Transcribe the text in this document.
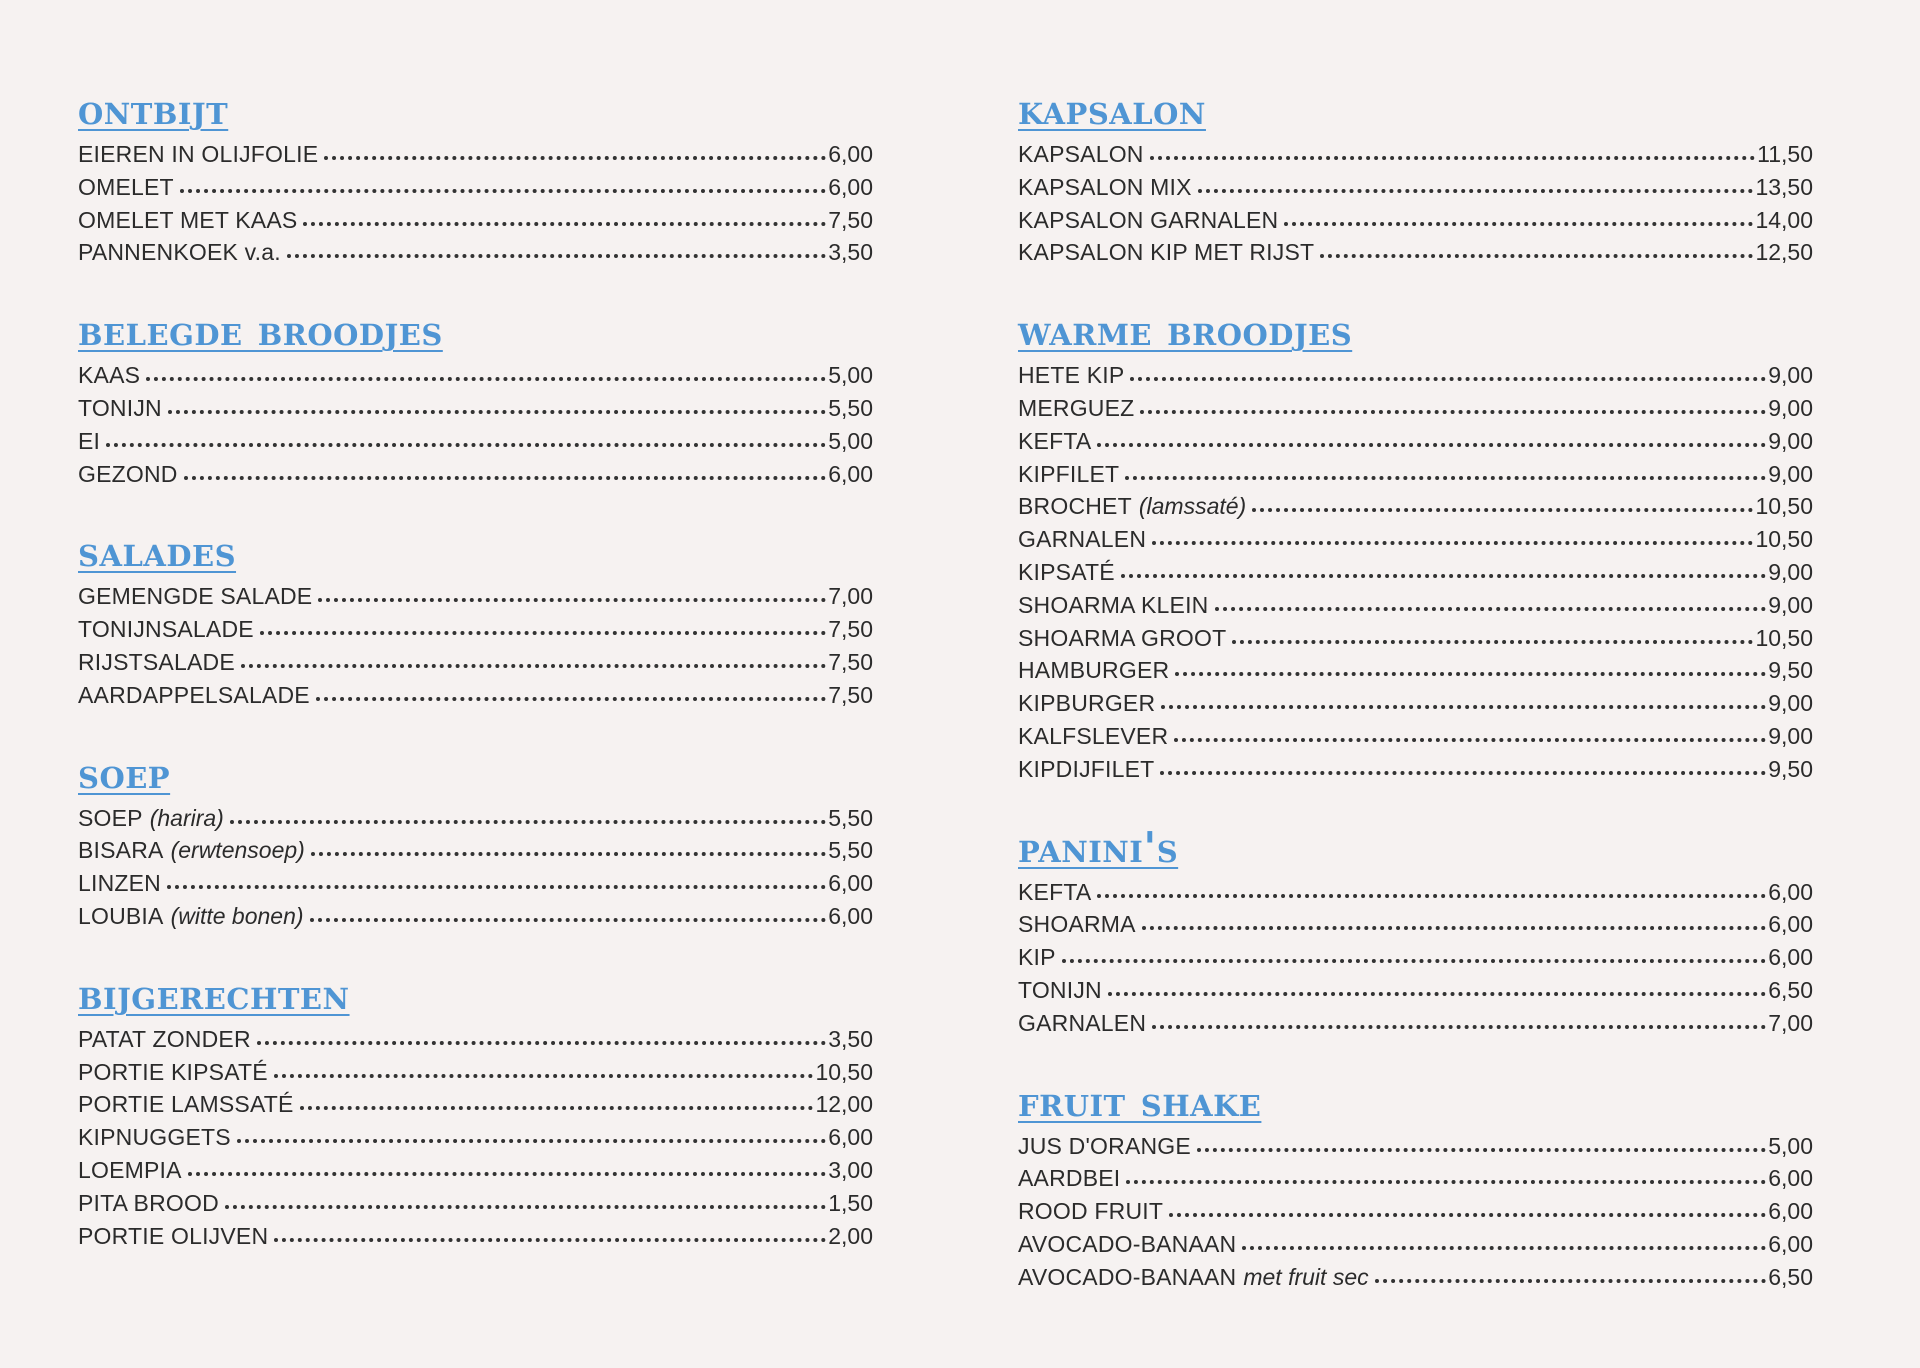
ontbijt
EIEREN IN OLIJFOLIE	6,00
OMELET	6,00
OMELET MET KAAS	7,50
PANNENKOEK v.a.	3,50
belegde broodjes
KAAS	5,00
TONIJN	5,50
EI	5,00
GEZOND	6,00
salades
GEMENGDE SALADE	7,00
TONIJNSALADE	7,50
RIJSTSALADE	7,50
AARDAPPELSALADE	7,50
soep
SOEP (harira)	5,50
BISARA (erwtensoep)	5,50
LINZEN	6,00
LOUBIA (witte bonen)	6,00
bijgerechten
PATAT ZONDER	3,50
PORTIE KIPSATÉ	10,50
PORTIE LAMSSATÉ	12,00
KIPNUGGETS	6,00
LOEMPIA	3,00
PITA BROOD	1,50
PORTIE OLIJVEN	2,00
kapsalon
KAPSALON	11,50
KAPSALON MIX	13,50
KAPSALON GARNALEN	14,00
KAPSALON KIP MET RIJST	12,50
warme broodjes
HETE KIP	9,00
MERGUEZ	9,00
KEFTA	9,00
KIPFILET	9,00
BROCHET (lamssaté)	10,50
GARNALEN	10,50
KIPSATÉ	9,00
SHOARMA KLEIN	9,00
SHOARMA GROOT	10,50
HAMBURGER	9,50
KIPBURGER	9,00
KALFSLEVER	9,00
KIPDIJFILET	9,50
panini's
KEFTA	6,00
SHOARMA	6,00
KIP	6,00
TONIJN	6,50
GARNALEN	7,00
fruit shake
JUS D'ORANGE	5,00
AARDBEI	6,00
ROOD FRUIT	6,00
AVOCADO-BANAAN	6,00
AVOCADO-BANAAN met fruit sec	6,50
